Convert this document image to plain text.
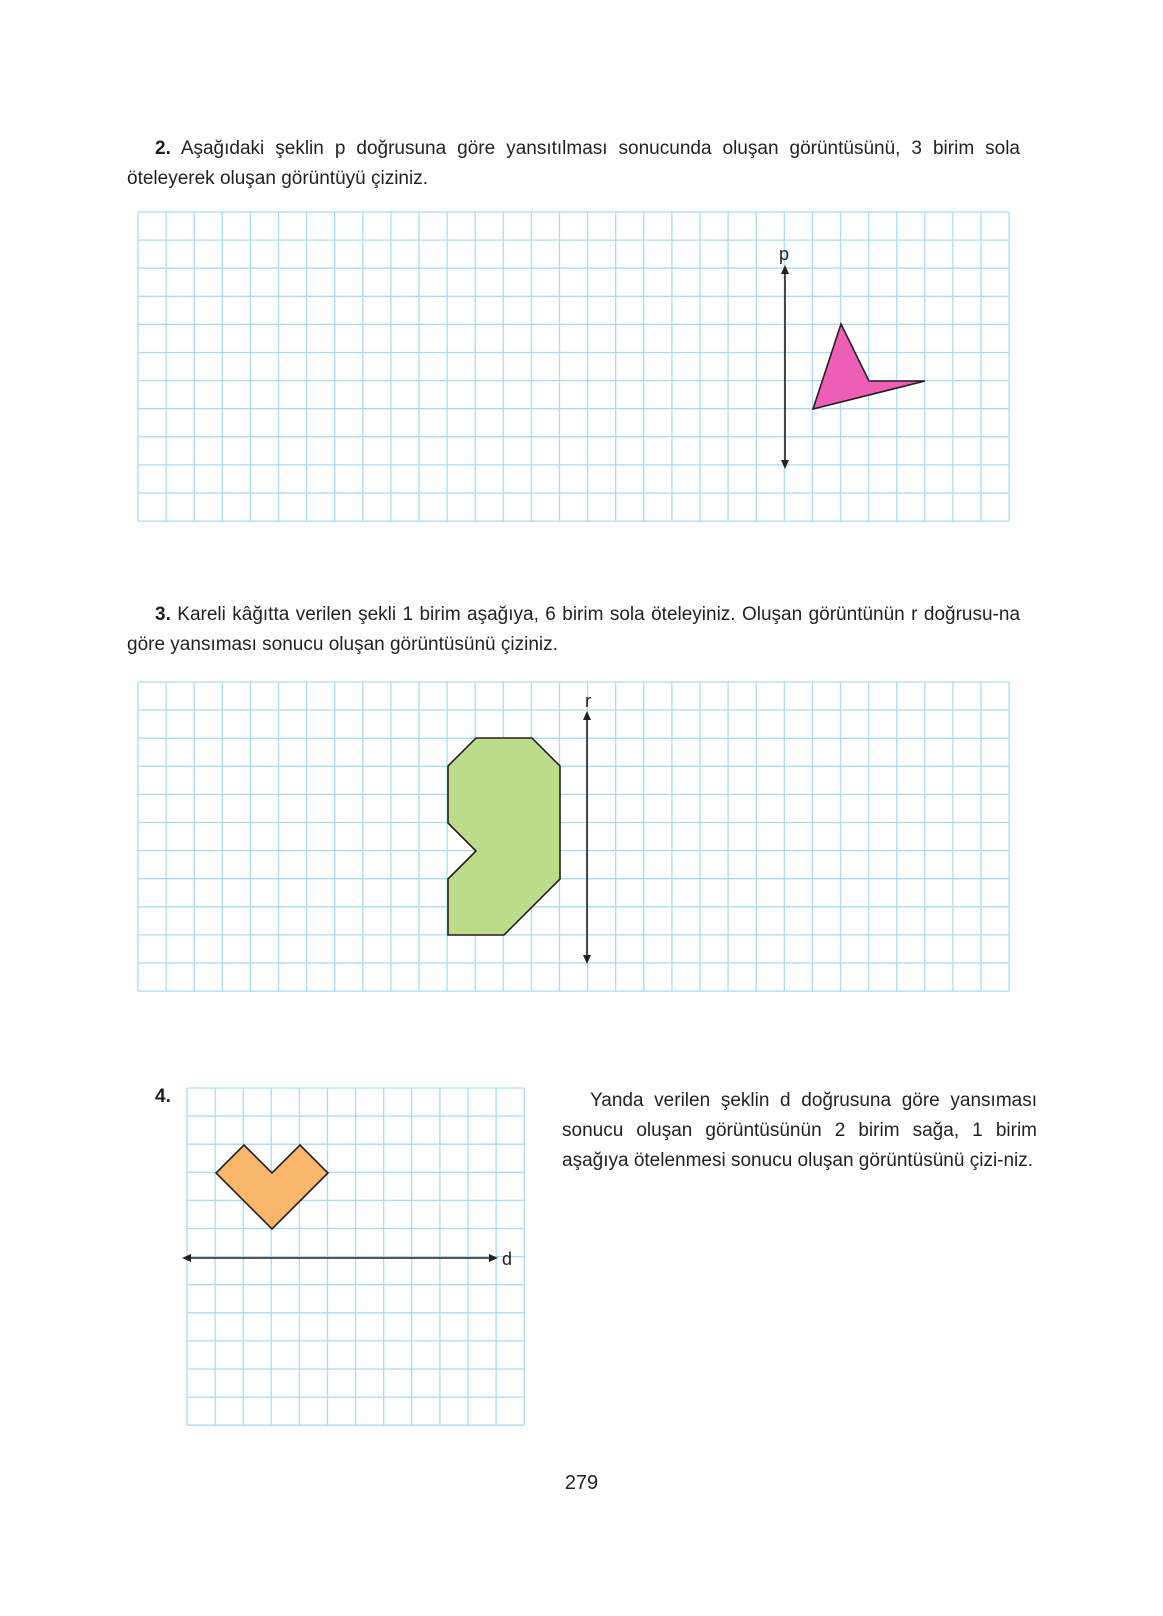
2. Aşağıdaki şeklin p doğrusuna göre yansıtılması sonucunda oluşan görüntüsünü, 3 birim sola öteleyerek oluşan görüntüyü çiziniz.

p

3. Kareli kâğıtta verilen şekli 1 birim aşağıya, 6 birim sola öteleyiniz. Oluşan görüntünün r doğrusu-na göre yansıması sonucu oluşan görüntüsünü çiziniz.

r

4.

d

Yanda verilen şeklin d doğrusuna göre yansıması sonucu oluşan görüntüsünün 2 birim sağa, 1 birim aşağıya ötelenmesi sonucu oluşan görüntüsünü çizi-niz.

279
